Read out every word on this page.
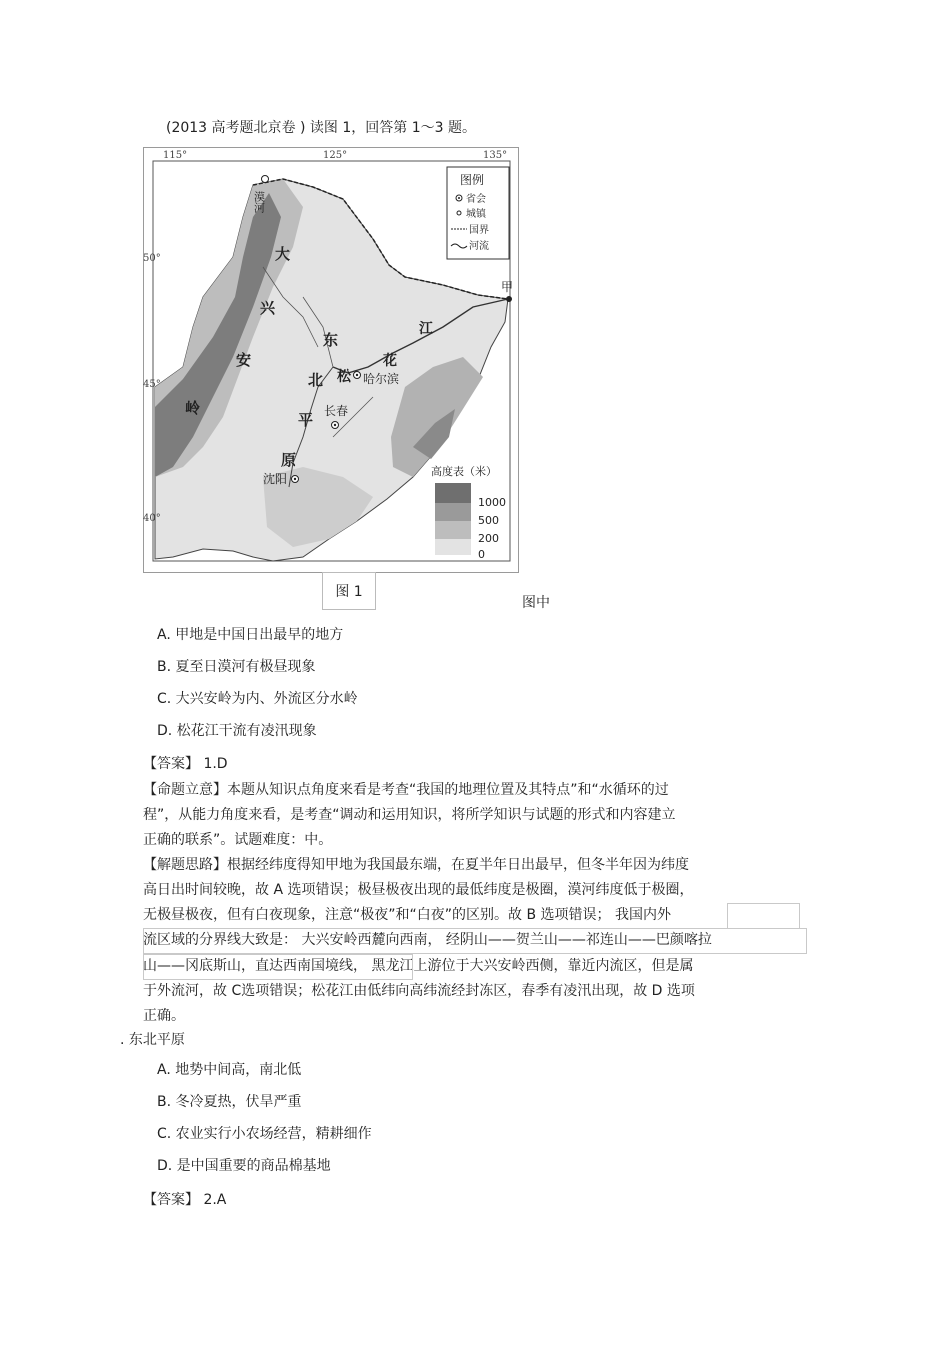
(2013 高考题北京卷 ) 读图 1，回答第 1～3 题。
115°	125°	135°
50°
45°
40°
图例
省会
城镇
国界
河流
漠河
甲
哈尔滨
长春
沈阳
大
兴
安
岭
东
北
平
原
松
花
江
高度表（米）
1000
500
200
0
图 1
图中
A. 甲地是中国日出最早的地方
B. 夏至日漠河有极昼现象
C. 大兴安岭为内、外流区分水岭
D. 松花江干流有凌汛现象
【答案】 1.D
【命题立意】本题从知识点角度来看是考查“我国的地理位置及其特点”和“水循环的过
程”，从能力角度来看，是考查“调动和运用知识，将所学知识与试题的形式和内容建立
正确的联系”。试题难度：中。
【解题思路】根据经纬度得知甲地为我国最东端，在夏半年日出最早，但冬半年因为纬度
高日出时间较晚，故 A 选项错误；极昼极夜出现的最低纬度是极圈，漠河纬度低于极圈，
无极昼极夜，但有白夜现象，注意“极夜”和“白夜”的区别。故 B 选项错误； 我国内外
流区域的分界线大致是： 大兴安岭西麓向西南， 经阴山——贺兰山——祁连山——巴颜喀拉
山——冈底斯山，直达西南国境线， 黑龙江上游位于大兴安岭西侧，靠近内流区，但是属
于外流河，故 C选项错误；松花江由低纬向高纬流经封冻区，春季有凌汛出现，故 D 选项
正确。
. 东北平原
A. 地势中间高，南北低
B. 冬冷夏热，伏旱严重
C. 农业实行小农场经营，精耕细作
D. 是中国重要的商品棉基地
【答案】 2.A
